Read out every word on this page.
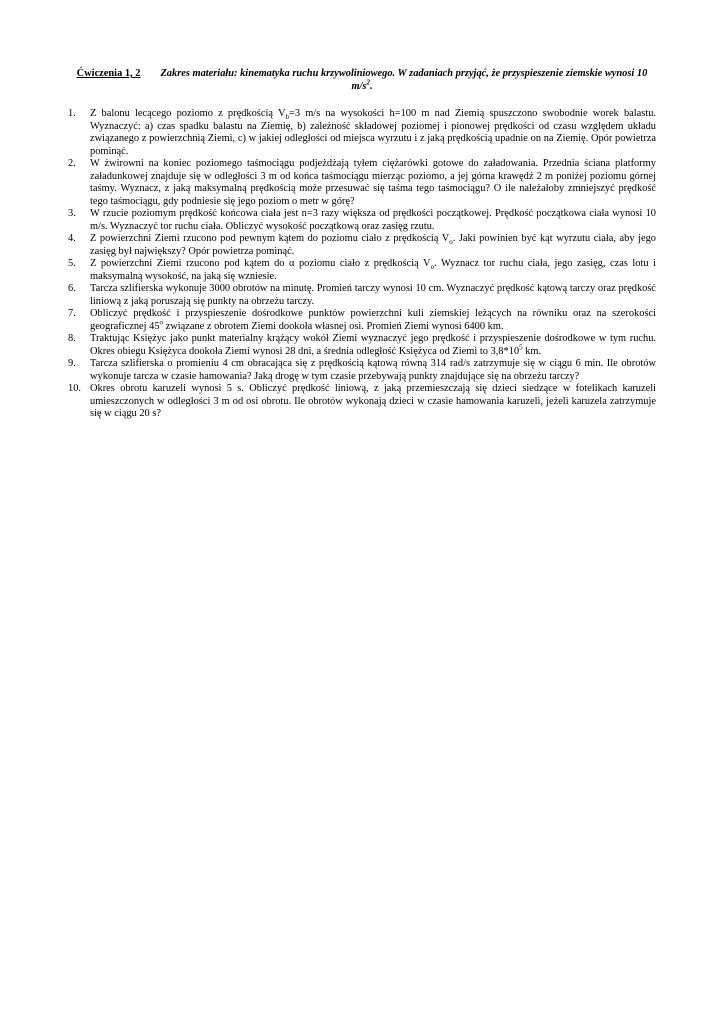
Ćwiczenia 1, 2 Zakres materiału: kinematyka ruchu krzywoliniowego. W zadaniach przyjąć, że przyspieszenie ziemskie wynosi 10 $m/s^2$.
1. Z balonu lecącego poziomo z prędkością $V_b=3$ m/s na wysokości h=100 m nad Ziemią spuszczono swobodnie worek balastu. Wyznaczyć: a) czas spadku balastu na Ziemię, b) zależność składowej poziomej i pionowej prędkości od czasu względem układu związanego z powierzchnią Ziemi, c) w jakiej odległości od miejsca wyrzutu i z jaką prędkością upadnie on na Ziemię. Opór powietrza pominąć.
2. W żwirowni na koniec poziomego taśmociągu podjeżdżają tyłem ciężarówki gotowe do załadowania. Przednia ściana platformy załadunkowej znajduje się w odległości 3 m od końca taśmociągu mierząc poziomo, a jej górna krawędź 2 m poniżej poziomu górnej taśmy. Wyznacz, z jaką maksymalną prędkością może przesuwać się taśma tego taśmociągu? O ile należałoby zmniejszyć prędkość tego taśmociągu, gdy podniesie się jego poziom o metr w górę?
3. W rzucie poziomym prędkość końcowa ciała jest n=3 razy większa od prędkości początkowej. Prędkość początkowa ciała wynosi 10 m/s. Wyznaczyć tor ruchu ciała. Obliczyć wysokość początkową oraz zasięg rzutu.
4. Z powierzchni Ziemi rzucono pod pewnym kątem do poziomu ciało z prędkością $V_o$. Jaki powinien być kąt wyrzutu ciała, aby jego zasięg był największy? Opór powietrza pominąć.
5. Z powierzchni Ziemi rzucono pod kątem do α poziomu ciało z prędkością $V_o$. Wyznacz tor ruchu ciała, jego zasięg, czas lotu i maksymalną wysokość, na jaką się wzniesie.
6. Tarcza szlifierska wykonuje 3000 obrotów na minutę. Promień tarczy wynosi 10 cm. Wyznaczyć prędkość kątową tarczy oraz prędkość liniową z jaką poruszają się punkty na obrzeżu tarczy.
7. Obliczyć prędkość i przyspieszenie dośrodkowe punktów powierzchni kuli ziemskiej leżących na równiku oraz na szerokości geograficznej 45$^o$ związane z obrotem Ziemi dookoła własnej osi. Promień Ziemi wynosi 6400 km.
8. Traktując Księżyc jako punkt materialny krążący wokół Ziemi wyznaczyć jego prędkość i przyspieszenie dośrodkowe w tym ruchu. Okres obiegu Księżyca dookoła Ziemi wynosi 28 dni, a średnia odległość Księżyca od Ziemi to $3,8*10^5$ km.
9. Tarcza szlifierska o promieniu 4 cm obracająca się z prędkością kątową równą 314 rad/s zatrzymuje się w ciągu 6 min. Ile obrotów wykonuje tarcza w czasie hamowania? Jaką drogę w tym czasie przebywają punkty znajdujące się na obrzeżu tarczy?
10. Okres obrotu karuzeli wynosi 5 s. Obliczyć prędkość liniową, z jaką przemieszczają się dzieci siedzące w fotelikach karuzeli umieszczonych w odległości 3 m od osi obrotu. Ile obrotów wykonają dzieci w czasie hamowania karuzeli, jeżeli karuzela zatrzymuje się w ciągu 20 s?
